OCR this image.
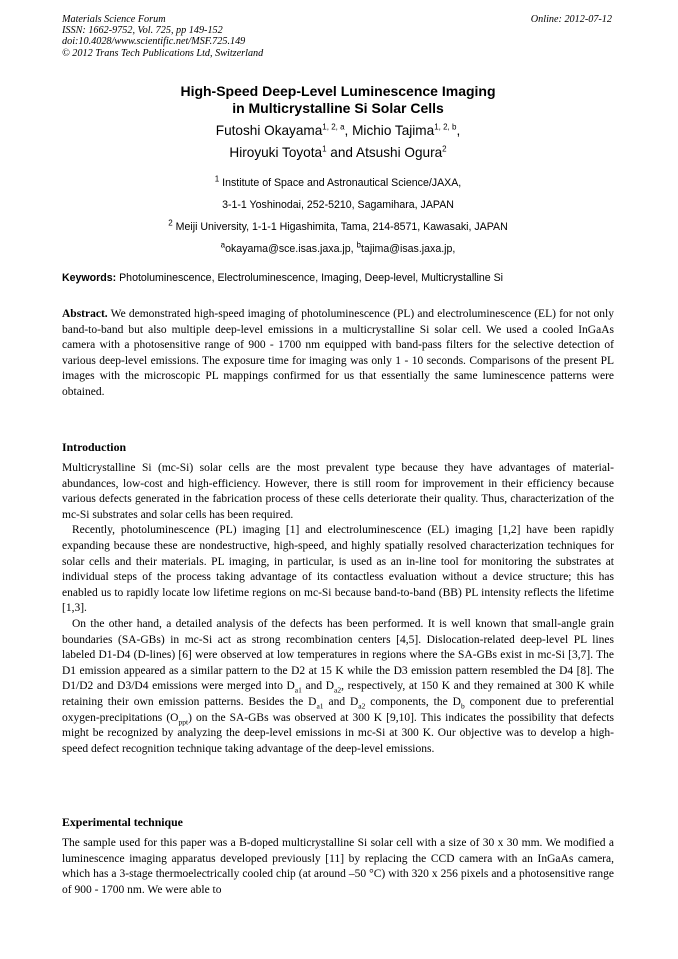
Materials Science Forum
ISSN: 1662-9752, Vol. 725, pp 149-152
doi:10.4028/www.scientific.net/MSF.725.149
© 2012 Trans Tech Publications Ltd, Switzerland
Online: 2012-07-12
High-Speed Deep-Level Luminescence Imaging
in Multicrystalline Si Solar Cells
Futoshi Okayama$^{1, 2, a}$, Michio Tajima$^{1, 2, b}$,
Hiroyuki Toyota$^1$ and Atsushi Ogura$^2$
$^1$ Institute of Space and Astronautical Science/JAXA,
3-1-1 Yoshinodai, 252-5210, Sagamihara, JAPAN
$^2$ Meiji University, 1-1-1 Higashimita, Tama, 214-8571, Kawasaki, JAPAN
$^a$okayama@sce.isas.jaxa.jp, $^b$tajima@isas.jaxa.jp,
Keywords: Photoluminescence, Electroluminescence, Imaging, Deep-level, Multicrystalline Si

Abstract. We demonstrated high-speed imaging of photoluminescence (PL) and electroluminescence (EL) for not only band-to-band but also multiple deep-level emissions in a multicrystalline Si solar cell. We used a cooled InGaAs camera with a photosensitive range of 900 - 1700 nm equipped with band-pass filters for the selective detection of various deep-level emissions. The exposure time for imaging was only 1 - 10 seconds. Comparisons of the present PL images with the microscopic PL mappings confirmed for us that essentially the same luminescence patterns were obtained.

Introduction

Multicrystalline Si (mc-Si) solar cells are the most prevalent type because they have advantages of material-abundances, low-cost and high-efficiency. However, there is still room for improvement in their efficiency because various defects generated in the fabrication process of these cells deteriorate their quality. Thus, characterization of the mc-Si substrates and solar cells has been required.

Recently, photoluminescence (PL) imaging [1] and electroluminescence (EL) imaging [1,2] have been rapidly expanding because these are nondestructive, high-speed, and highly spatially resolved characterization techniques for solar cells and their materials. PL imaging, in particular, is used as an in-line tool for monitoring the substrates at individual steps of the process taking advantage of its contactless evaluation without a device structure; this has enabled us to rapidly locate low lifetime regions on mc-Si because band-to-band (BB) PL intensity reflects the lifetime [1,3].

On the other hand, a detailed analysis of the defects has been performed. It is well known that small-angle grain boundaries (SA-GBs) in mc-Si act as strong recombination centers [4,5]. Dislocation-related deep-level PL lines labeled D1-D4 (D-lines) [6] were observed at low temperatures in regions where the SA-GBs exist in mc-Si [3,7]. The D1 emission appeared as a similar pattern to the D2 at 15 K while the D3 emission pattern resembled the D4 [8]. The D1/D2 and D3/D4 emissions were merged into $D_{a1}$ and $D_{a2}$, respectively, at 150 K and they remained at 300 K while retaining their own emission patterns. Besides the $D_{a1}$ and $D_{a2}$ components, the $D_b$ component due to preferential oxygen-precipitations $(O_{ppt})$ on the SA-GBs was observed at 300 K [9,10]. This indicates the possibility that defects might be recognized by analyzing the deep-level emissions in mc-Si at 300 K. Our objective was to develop a high-speed defect recognition technique taking advantage of the deep-level emissions.

Experimental technique

The sample used for this paper was a B-doped multicrystalline Si solar cell with a size of 30 x 30 mm. We modified a luminescence imaging apparatus developed previously [11] by replacing the CCD camera with an InGaAs camera, which has a 3-stage thermoelectrically cooled chip (at around –50 °C) with 320 x 256 pixels and a photosensitive range of 900 - 1700 nm. We were able to
